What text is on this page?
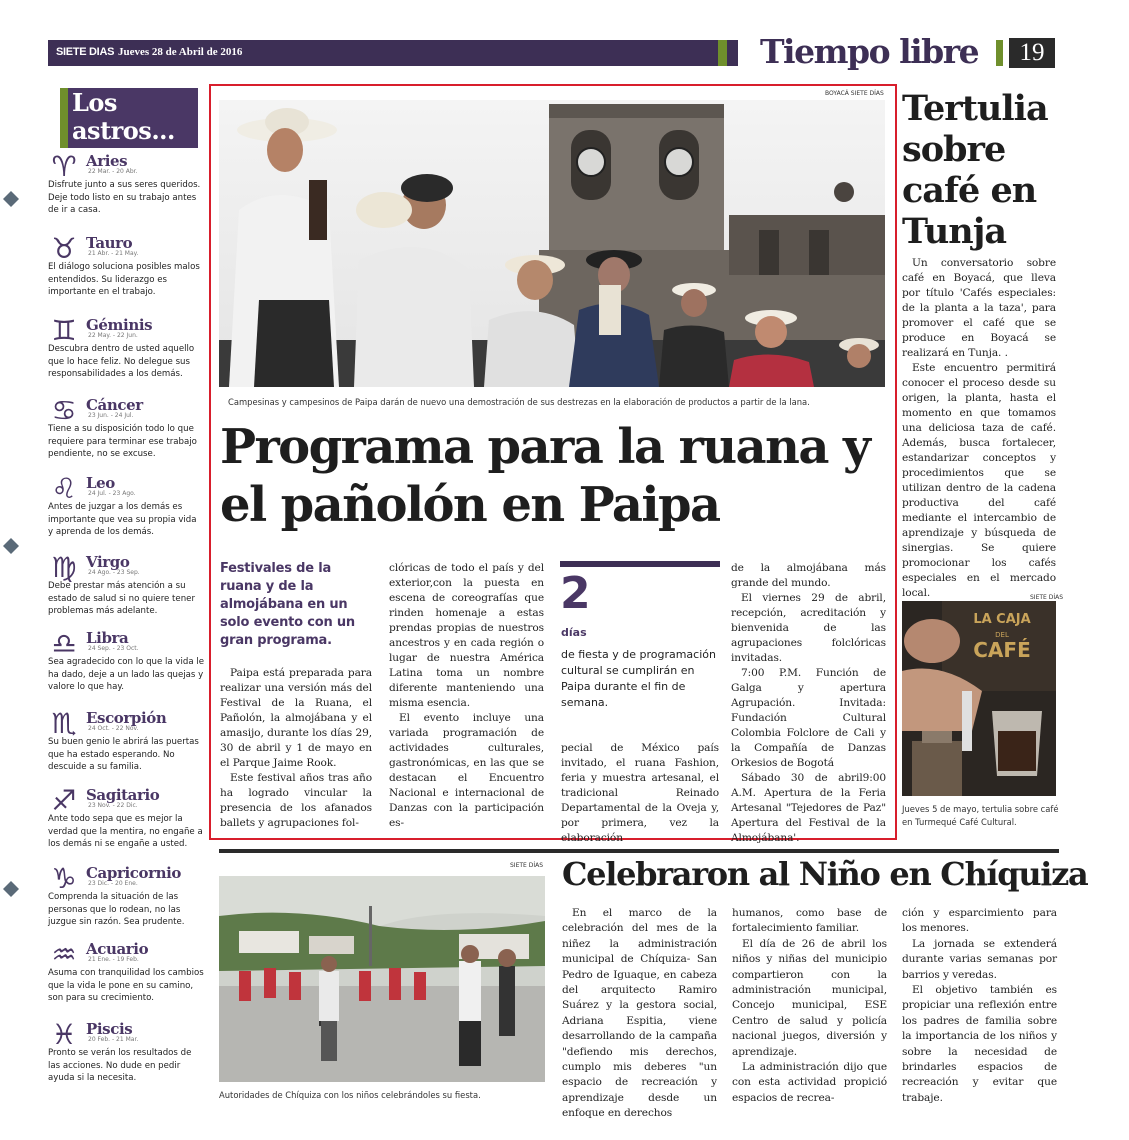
SIETE DIAS Jueves 28 de Abril de 2016	Tiempo libre	19
Los
astros...
♈ Aries
22 Mar. - 20 Abr.
Disfrute junto a sus seres queridos. Deje todo listo en su trabajo antes de ir a casa.
♉ Tauro
21 Abr. - 21 May.
El diálogo soluciona posibles malos entendidos. Su liderazgo es importante en el trabajo.
♊ Géminis
22 May. - 22 Jun.
Descubra dentro de usted aquello que lo hace feliz. No delegue sus responsabilidades a los demás.
♋ Cáncer
23 Jun. - 24 Jul.
Tiene a su disposición todo lo que requiere para terminar ese trabajo pendiente, no se excuse.
♌ Leo
24 Jul. - 23 Ago.
Antes de juzgar a los demás es importante que vea su propia vida y aprenda de los demás.
♍ Virgo
24 Ago. - 23 Sep.
Debe prestar más atención a su estado de salud si no quiere tener problemas más adelante.
♎ Libra
24 Sep. - 23 Oct.
Sea agradecido con lo que la vida le ha dado, deje a un lado las quejas y valore lo que hay.
♏ Escorpión
24 Oct. - 22 Nov.
Su buen genio le abrirá las puertas que ha estado esperando. No descuide a su familia.
♐ Sagitario
23 Nov. - 22 Dic.
Ante todo sepa que es mejor la verdad que la mentira, no engañe a los demás ni se engañe a usted.
♑ Capricornio
23 Dic. - 20 Ene.
Comprenda la situación de las personas que lo rodean, no las juzgue sin razón. Sea prudente.
♒ Acuario
21 Ene. - 19 Feb.
Asuma con tranquilidad los cambios que la vida le pone en su camino, son para su crecimiento.
♓ Piscis
20 Feb. - 21 Mar.
Pronto se verán los resultados de las acciones. No dude en pedir ayuda si la necesita.
BOYACÁ SIETE DÍAS
Campesinas y campesinos de Paipa darán de nuevo una demostración de sus destrezas en la elaboración de productos a partir de la lana.
Programa para la ruana y el pañolón en Paipa
Festivales de la ruana y de la almojábana en un solo evento con un gran programa.

Paipa está preparada para realizar una versión más del Festival de la Ruana, el Pañolón, la almojábana y el amasijo, durante los días 29, 30 de abril y 1 de mayo en el Parque Jaime Rook.

Este festival años tras año ha logrado vincular la presencia de los afanados ballets y agrupaciones fol-

clóricas de todo el país y del exterior,con la puesta en escena de coreografías que rinden homenaje a estas prendas propias de nuestros ancestros y en cada región o lugar de nuestra América Latina toma un nombre diferente manteniendo una misma esencia.

El evento incluye una variada programación de actividades culturales, gastronómicas, en las que se destacan el Encuentro Nacional e internacional de Danzas con la participación es-

2
días
de fiesta y de programación cultural se cumplirán en Paipa durante el fin de semana.

pecial de México país invitado, el ruana Fashion, feria y muestra artesanal, el tradicional Reinado Departamental de la Oveja y, por primera, vez la elaboración

de la almojábana más grande del mundo.

El viernes 29 de abril, recepción, acreditación y bienvenida de las agrupaciones folclóricas invitadas.

7:00 P.M. Función de Galga y apertura Agrupación. Invitada: Fundación Cultural Colombia Folclore de Cali y la Compañía de Danzas Orkesios de Bogotá

Sábado 30 de abril9:00 A.M. Apertura de la Feria Artesanal "Tejedores de Paz" Apertura del Festival de la Almojábana'.

Tertulia sobre café en Tunja

Un conversatorio sobre café en Boyacá, que lleva por título 'Cafés especiales: de la planta a la taza', para promover el café que se produce en Boyacá se realizará en Tunja. .

Este encuentro permitirá conocer el proceso desde su origen, la planta, hasta el momento en que tomamos una deliciosa taza de café. Además, busca fortalecer, estandarizar conceptos y procedimientos que se utilizan dentro de la cadena productiva del café mediante el intercambio de aprendizaje y búsqueda de sinergias. Se quiere promocionar los cafés especiales en el mercado local.	SIETE DÍAS
LA CAJA
DEL
CAFÉ
Jueves 5 de mayo, tertulia sobre café en Turmequé Café Cultural.
SIETE DÍAS
Autoridades de Chíquiza con los niños celebrándoles su fiesta.
Celebraron al Niño en Chíquiza

En el marco de la celebración del mes de la niñez la administración municipal de Chíquiza- San Pedro de Iguaque, en cabeza del arquitecto Ramiro Suárez y la gestora social, Adriana Espitia, viene desarrollando de la campaña "defiendo mis derechos, cumplo mis deberes "un espacio de recreación y aprendizaje desde un enfoque en derechos

humanos, como base de fortalecimiento familiar.

El día de 26 de abril los niños y niñas del municipio compartieron con la administración municipal, Concejo municipal, ESE Centro de salud y policía nacional juegos, diversión y aprendizaje.

La administración dijo que con esta actividad propició espacios de recrea-

ción y esparcimiento para los menores.

La jornada se extenderá durante varias semanas por barrios y veredas.

El objetivo también es propiciar una reflexión entre los padres de familia sobre la importancia de los niños y sobre la necesidad de brindarles espacios de recreación y evitar que trabaje.
